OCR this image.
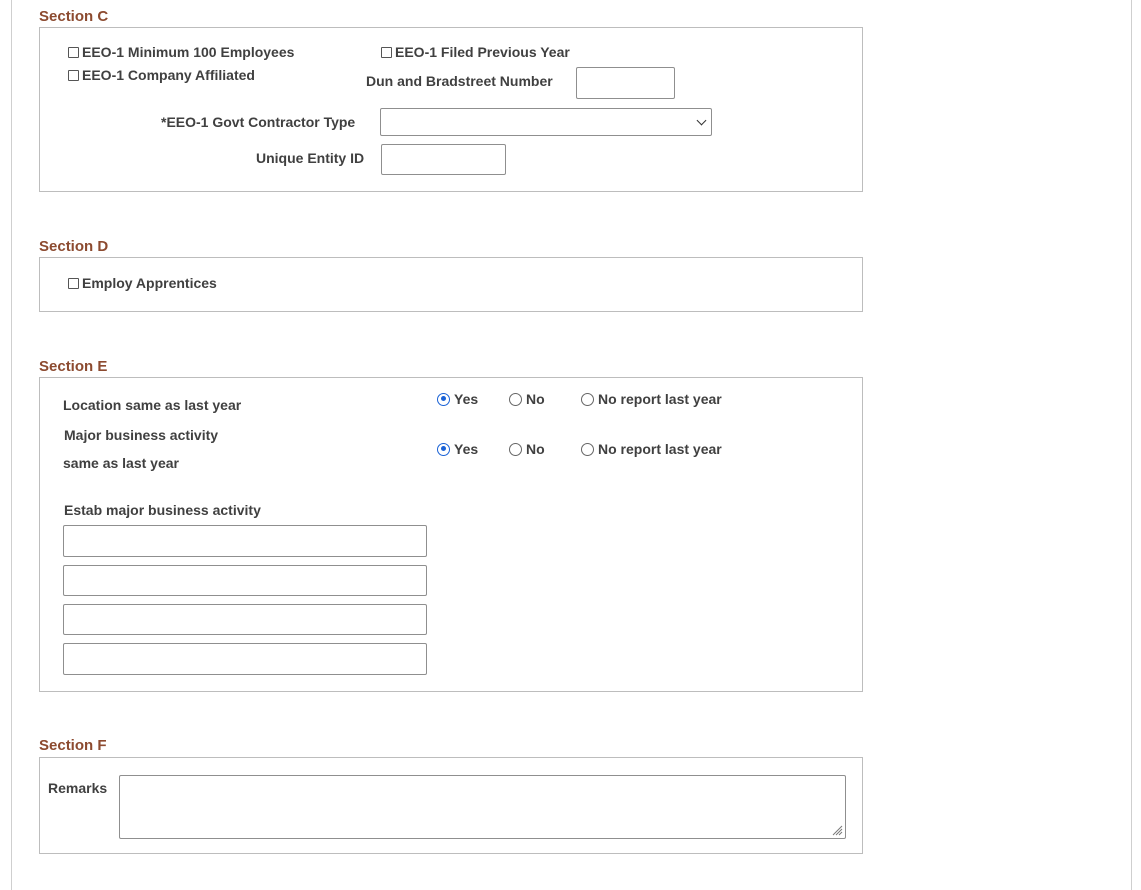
Section C
EEO-1 Minimum 100 Employees
EEO-1 Company Affiliated
EEO-1 Filed Previous Year
Dun and Bradstreet Number
*EEO-1 Govt Contractor Type
Unique Entity ID
Section D
Employ Apprentices
Section E
Location same as last year	Yes	No	No report last year
Major business activity
same as last year
Yes	No	No report last year
Estab major business activity
Section F
Remarks
